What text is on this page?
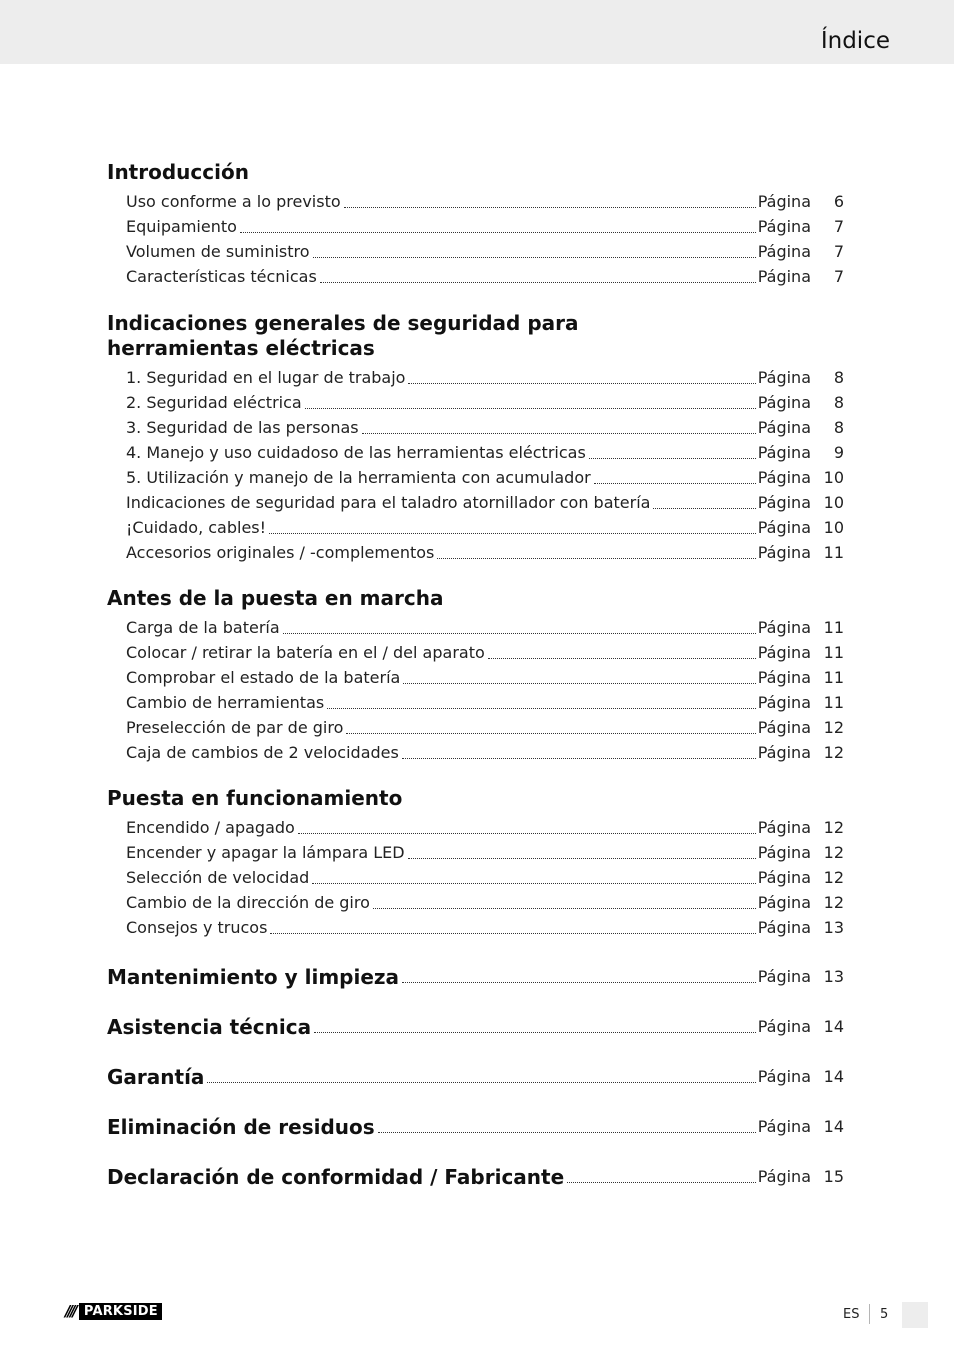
Índice
Introducción
Uso conforme a lo previsto	Página	6
Equipamiento	Página	7
Volumen de suministro	Página	7
Características técnicas	Página	7
Indicaciones generales de seguridad para herramientas eléctricas
1. Seguridad en el lugar de trabajo	Página	8
2. Seguridad eléctrica	Página	8
3. Seguridad de las personas	Página	8
4. Manejo y uso cuidadoso de las herramientas eléctricas	Página	9
5. Utilización y manejo de la herramienta con acumulador	Página 10
Indicaciones de seguridad para el taladro atornillador con batería	Página 10
¡Cuidado, cables!	Página 10
Accesorios originales / -complementos	Página 11
Antes de la puesta en marcha
Carga de la batería	Página 11
Colocar / retirar la batería en el / del aparato	Página 11
Comprobar el estado de la batería	Página 11
Cambio de herramientas	Página 11
Preselección de par de giro	Página 12
Caja de cambios de 2 velocidades	Página 12
Puesta en funcionamiento
Encendido / apagado	Página 12
Encender y apagar la lámpara LED	Página 12
Selección de velocidad	Página 12
Cambio de la dirección de giro	Página 12
Consejos y trucos	Página 13
Mantenimiento y limpieza	Página 13
Asistencia técnica	Página 14
Garantía	Página 14
Eliminación de residuos	Página 14
Declaración de conformidad / Fabricante	Página 15
//// PARKSIDE	ES 5
